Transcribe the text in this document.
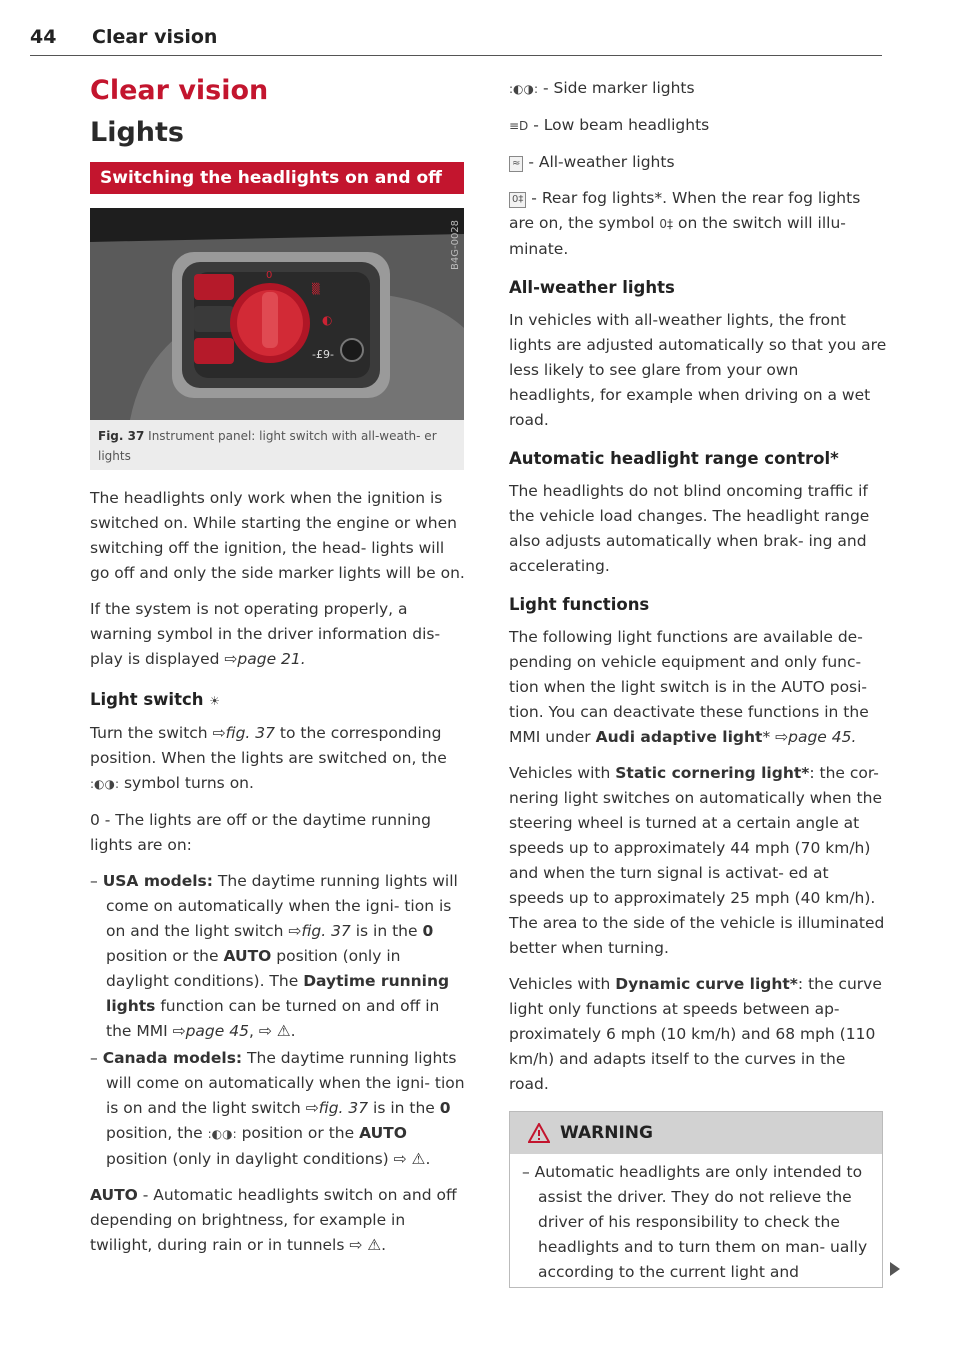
44 Clear vision
Clear vision
Lights
Switching the headlights on and off
0
▒
◐
-£9-
B4G-0028
Fig. 37 Instrument panel: light switch with all-weath- er lights

The headlights only work when the ignition is switched on. While starting the engine or when switching off the ignition, the head- lights will go off and only the side marker lights will be on.

If the system is not operating properly, a warning symbol in the driver information dis- play is displayed ⇨page 21.

Light switch ☀

Turn the switch ⇨fig. 37 to the corresponding position. When the lights are switched on, the :◐◑: symbol turns on.

0 - The lights are off or the daytime running lights are on:

– USA models: The daytime running lights will come on automatically when the igni- tion is on and the light switch ⇨fig. 37 is in the 0 position or the AUTO position (only in daylight conditions). The Daytime running lights function can be turned on and off in the MMI ⇨page 45, ⇨ ⚠.

– Canada models: The daytime running lights will come on automatically when the igni- tion is on and the light switch ⇨fig. 37 is in the 0 position, the :◐◑: position or the AUTO position (only in daylight conditions) ⇨ ⚠.

AUTO - Automatic headlights switch on and off depending on brightness, for example in twilight, during rain or in tunnels ⇨ ⚠.

:◐◑: - Side marker lights

≡D - Low beam headlights

≈ - All-weather lights

0‡ - Rear fog lights*. When the rear fog lights are on, the symbol 0‡ on the switch will illu- minate.

All-weather lights

In vehicles with all-weather lights, the front lights are adjusted automatically so that you are less likely to see glare from your own headlights, for example when driving on a wet road.

Automatic headlight range control*

The headlights do not blind oncoming traffic if the vehicle load changes. The headlight range also adjusts automatically when brak- ing and accelerating.

Light functions

The following light functions are available de- pending on vehicle equipment and only func- tion when the light switch is in the AUTO posi- tion. You can deactivate these functions in the MMI under Audi adaptive light* ⇨page 45.

Vehicles with Static cornering light*: the cor- nering light switches on automatically when the steering wheel is turned at a certain angle at speeds up to approximately 44 mph (70 km/h) and when the turn signal is activat- ed at speeds up to approximately 25 mph (40 km/h). The area to the side of the vehicle is illuminated better when turning.

Vehicles with Dynamic curve light*: the curve light only functions at speeds between ap- proximately 6 mph (10 km/h) and 68 mph (110 km/h) and adapts itself to the curves in the road.

WARNING

– Automatic headlights are only intended to assist the driver. They do not relieve the driver of his responsibility to check the headlights and to turn them on man- ually according to the current light and
